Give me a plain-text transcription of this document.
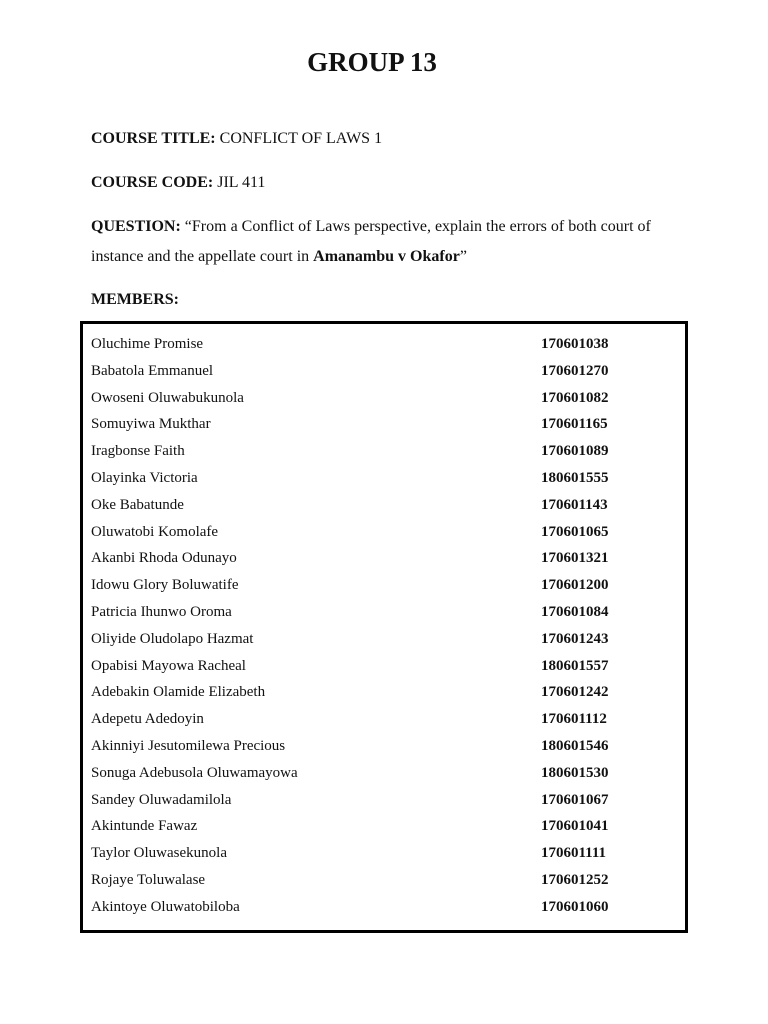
GROUP 13
COURSE TITLE: CONFLICT OF LAWS 1
COURSE CODE: JIL 411
QUESTION: “From a Conflict of Laws perspective, explain the errors of both court of
instance and the appellate court in Amanambu v Okafor”
MEMBERS:
Oluchime Promise	170601038
Babatola Emmanuel	170601270
Owoseni Oluwabukunola	170601082
Somuyiwa Mukthar	170601165
Iragbonse Faith	170601089
Olayinka Victoria	180601555
Oke Babatunde	170601143
Oluwatobi Komolafe	170601065
Akanbi Rhoda Odunayo	170601321
Idowu Glory Boluwatife	170601200
Patricia Ihunwo Oroma	170601084
Oliyide Oludolapo Hazmat	170601243
Opabisi Mayowa Racheal	180601557
Adebakin Olamide Elizabeth	170601242
Adepetu Adedoyin	170601112
Akinniyi Jesutomilewa Precious	180601546
Sonuga Adebusola Oluwamayowa	180601530
Sandey Oluwadamilola	170601067
Akintunde Fawaz	170601041
Taylor Oluwasekunola	170601111
Rojaye Toluwalase	170601252
Akintoye Oluwatobiloba	170601060
